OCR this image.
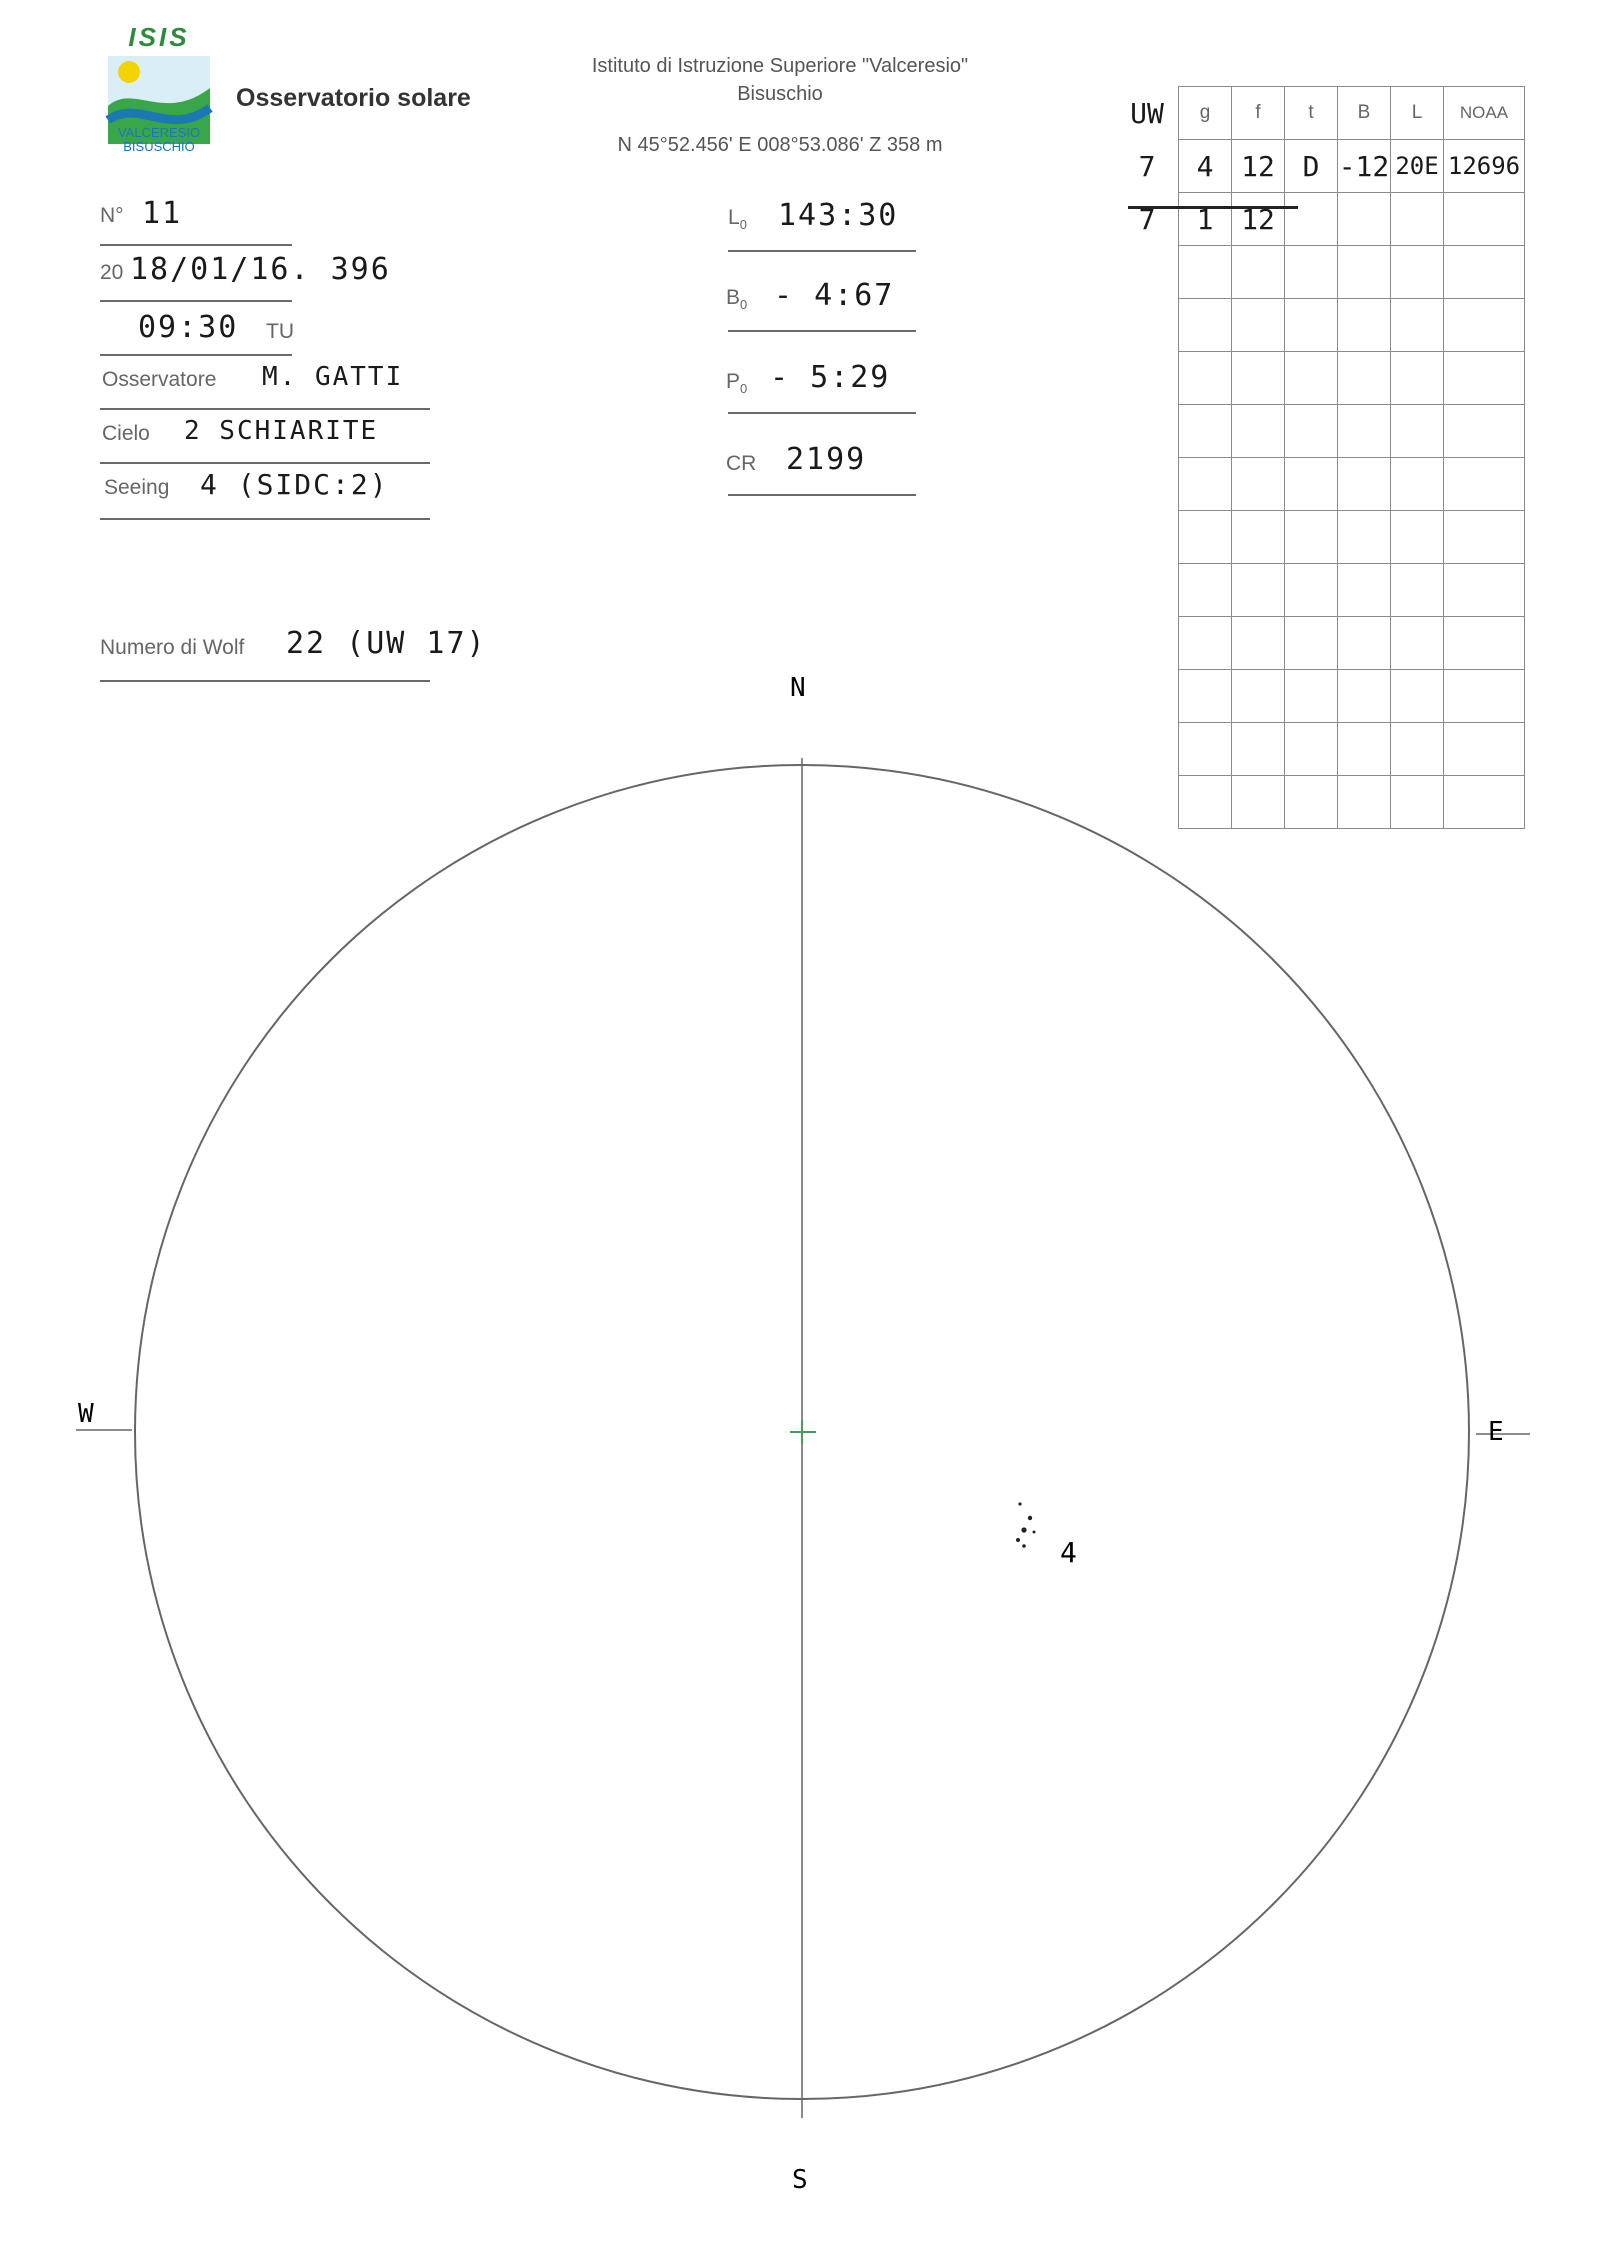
ISIS
VALCERESIO
BISUSCHIO
Osservatorio solare
Istituto di Istruzione Superiore "Valceresio"
Bisuschio
N 45°52.456' E 008°53.086' Z 358 m
N° 11
20 18/01/16. 396
09:30 TU
Osservatore M. GATTI
Cielo 2 SCHIARITE
Seeing 4 (SIDC:2)
Numero di Wolf 22 (UW 17)
$L_0$ 143:30
$B_0$ - 4:67
$P_0$ - 5:29
CR 2199
UW	g	f	t	B	L	NOAA
7	4	12	D	-12	20E	12696
7	1	12				

N
S
W
E
4
